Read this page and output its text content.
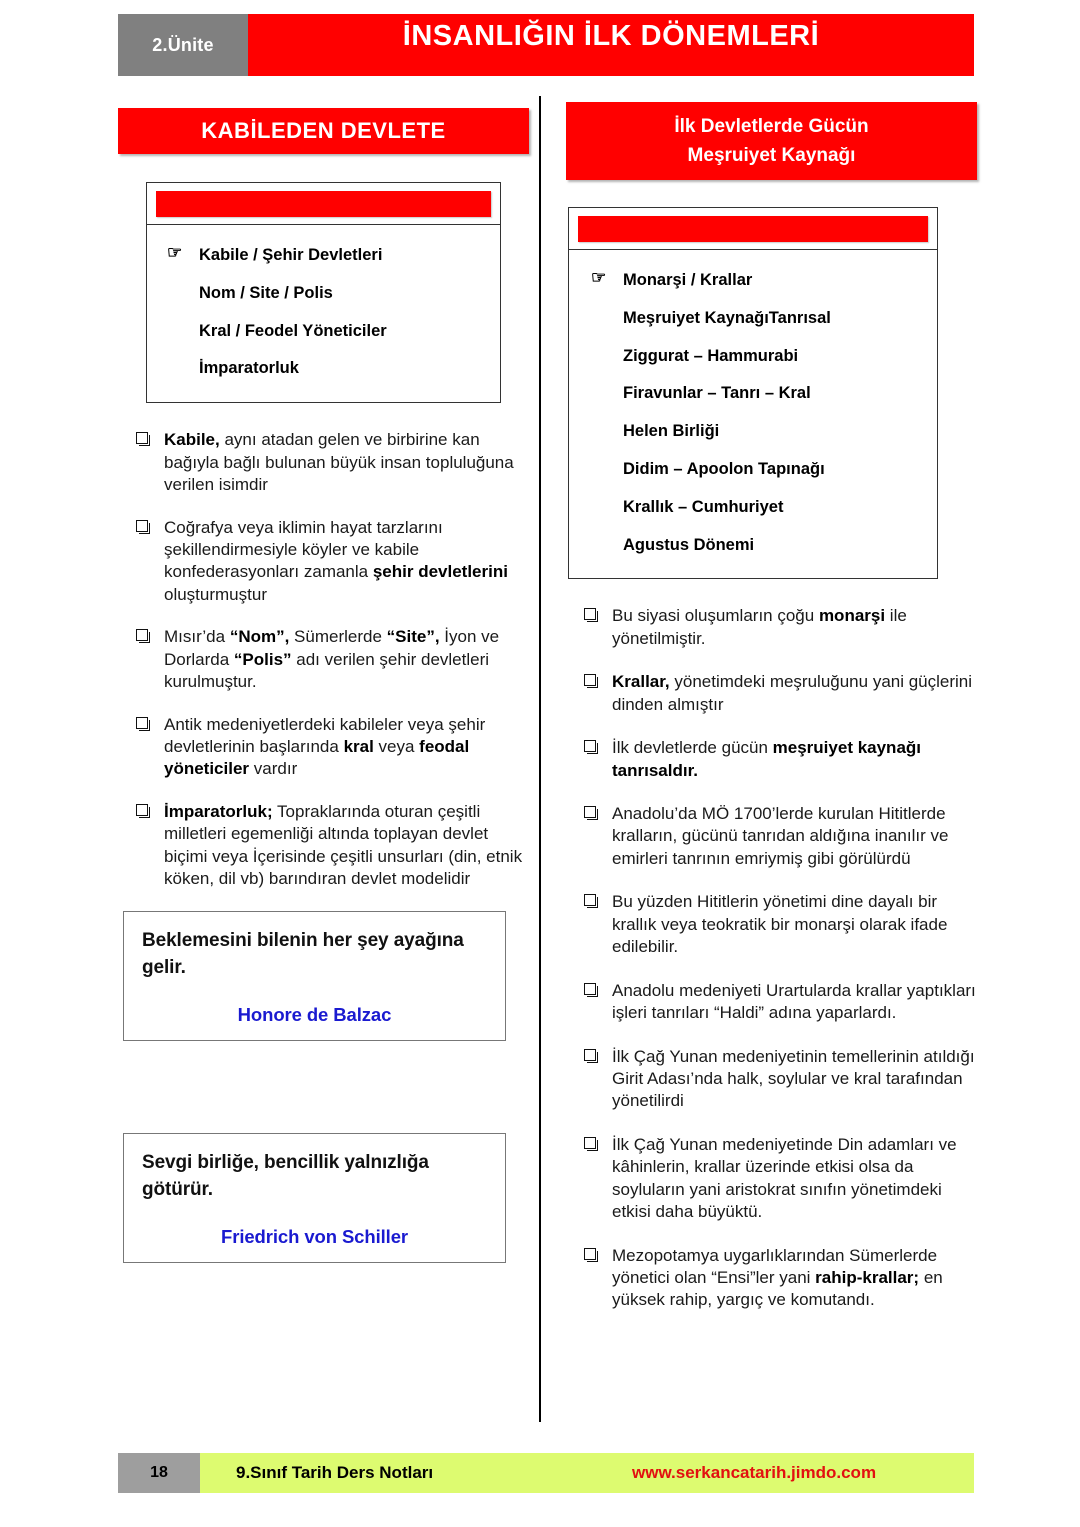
2.Ünite	İNSANLIĞIN İLK DÖNEMLERİ
KABİLEDEN DEVLETE
☞ Kabile / Şehir Devletleri
Nom / Site / Polis
Kral / Feodel Yöneticiler
İmparatorluk
Kabile, aynı atadan gelen ve birbirine kan bağıyla bağlı bulunan büyük insan topluluğuna verilen isimdir
Coğrafya veya iklimin hayat tarzlarını şekillendirmesiyle köyler ve kabile konfederasyonları zamanla şehir devletlerini oluşturmuştur
Mısır’da “Nom”, Sümerlerde “Site”, İyon ve Dorlarda “Polis” adı verilen şehir devletleri kurulmuştur.
Antik medeniyetlerdeki kabileler veya şehir devletlerinin başlarında kral veya feodal yöneticiler vardır
İmparatorluk; Topraklarında oturan çeşitli milletleri egemenliği altında toplayan devlet biçimi veya İçerisinde çeşitli unsurları (din, etnik köken, dil vb) barındıran devlet modelidir
Beklemesini bilenin her şey ayağına gelir.
Honore de Balzac
Sevgi birliğe, bencillik yalnızlığa götürür.
Friedrich von Schiller
İlk Devletlerde Gücün
Meşruiyet Kaynağı
☞ Monarşi / Krallar
Meşruiyet KaynağıTanrısal
Ziggurat – Hammurabi
Firavunlar – Tanrı – Kral
Helen Birliği
Didim – Apoolon Tapınağı
Krallık – Cumhuriyet
Agustus Dönemi
Bu siyasi oluşumların çoğu monarşi ile yönetilmiştir.
Krallar, yönetimdeki meşruluğunu yani güçlerini dinden almıştır
İlk devletlerde gücün meşruiyet kaynağı tanrısaldır.
Anadolu’da MÖ 1700’lerde kurulan Hititlerde kralların, gücünü tanrıdan aldığına inanılır ve emirleri tanrının emriymiş gibi görülürdü
Bu yüzden Hititlerin yönetimi dine dayalı bir krallık veya teokratik bir monarşi olarak ifade edilebilir.
Anadolu medeniyeti Urartularda krallar yaptıkları işleri tanrıları “Haldi” adına yaparlardı.
İlk Çağ Yunan medeniyetinin temellerinin atıldığı Girit Adası’nda halk, soylular ve kral tarafından yönetilirdi
İlk Çağ Yunan medeniyetinde Din adamları ve kâhinlerin, krallar üzerinde etkisi olsa da soyluların yani aristokrat sınıfın yönetimdeki etkisi daha büyüktü.
Mezopotamya uygarlıklarından Sümerlerde yönetici olan “Ensi”ler yani rahip-krallar; en yüksek rahip, yargıç ve komutandı.
18	9.Sınıf Tarih Ders Notları	www.serkancatarih.jimdo.com
